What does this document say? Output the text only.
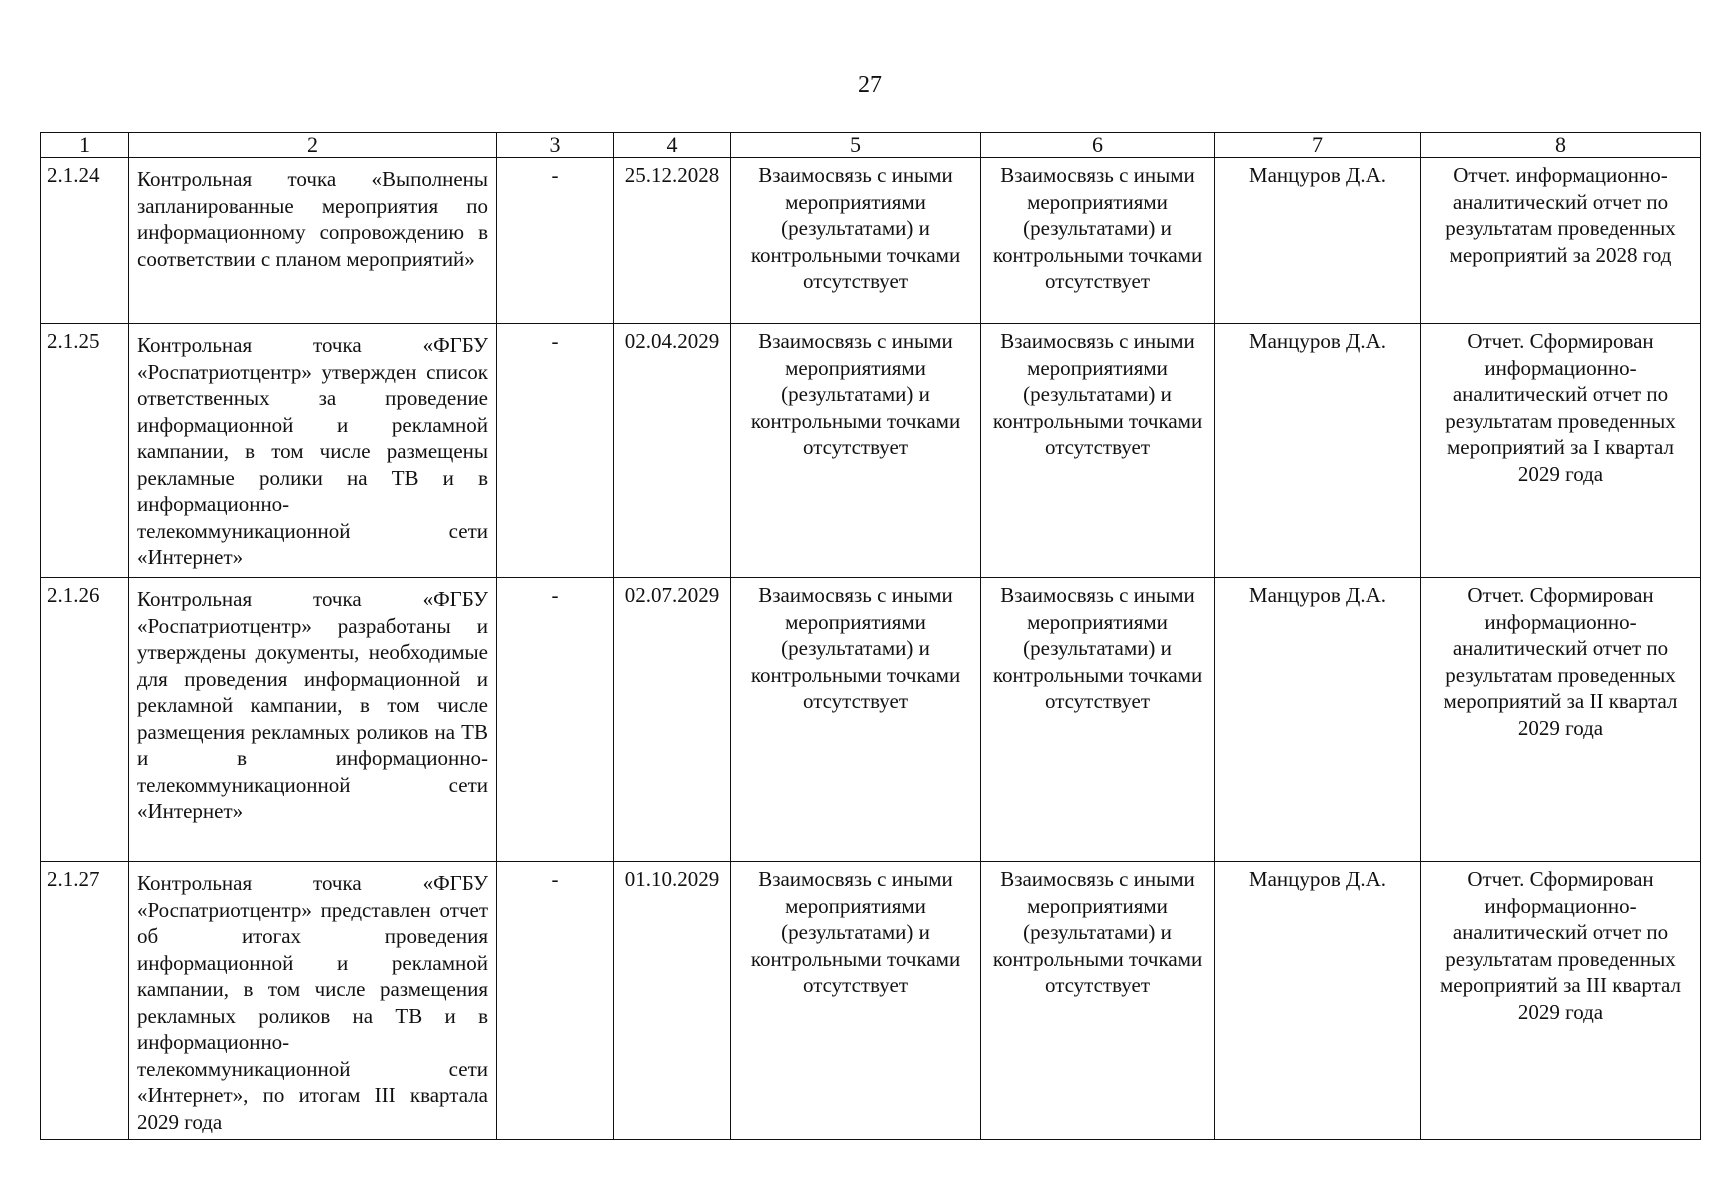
27
1	2	3	4	5	6	7	8
2.1.24	Контрольная точка «Выполнены запланированные мероприятия по информационному сопровождению в соответствии с планом мероприятий»	-	25.12.2028	Взаимосвязь с иными мероприятиями (результатами) и контрольными точками отсутствует	Взаимосвязь с иными мероприятиями (результатами) и контрольными точками отсутствует	Манцуров Д.А.	Отчет. информационно-аналитический отчет по результатам проведенных мероприятий за 2028 год
2.1.25	Контрольная точка «ФГБУ «Роспатриотцентр» утвержден список ответственных за проведение информационной и рекламной кампании, в том числе размещены рекламные ролики на ТВ и в информационно-телекоммуникационной сети «Интернет»	-	02.04.2029	Взаимосвязь с иными мероприятиями (результатами) и контрольными точками отсутствует	Взаимосвязь с иными мероприятиями (результатами) и контрольными точками отсутствует	Манцуров Д.А.	Отчет. Сформирован информационно-аналитический отчет по результатам проведенных мероприятий за I квартал 2029 года
2.1.26	Контрольная точка «ФГБУ «Роспатриотцентр» разработаны и утверждены документы, необходимые для проведения информационной и рекламной кампании, в том числе размещения рекламных роликов на ТВ и в информационно-телекоммуникационной сети «Интернет»	-	02.07.2029	Взаимосвязь с иными мероприятиями (результатами) и контрольными точками отсутствует	Взаимосвязь с иными мероприятиями (результатами) и контрольными точками отсутствует	Манцуров Д.А.	Отчет. Сформирован информационно-аналитический отчет по результатам проведенных мероприятий за II квартал 2029 года
2.1.27	Контрольная точка «ФГБУ «Роспатриотцентр» представлен отчет об итогах проведения информационной и рекламной кампании, в том числе размещения рекламных роликов на ТВ и в информационно-телекоммуникационной сети «Интернет», по итогам III квартала 2029 года	-	01.10.2029	Взаимосвязь с иными мероприятиями (результатами) и контрольными точками отсутствует	Взаимосвязь с иными мероприятиями (результатами) и контрольными точками отсутствует	Манцуров Д.А.	Отчет. Сформирован информационно-аналитический отчет по результатам проведенных мероприятий за III квартал 2029 года
